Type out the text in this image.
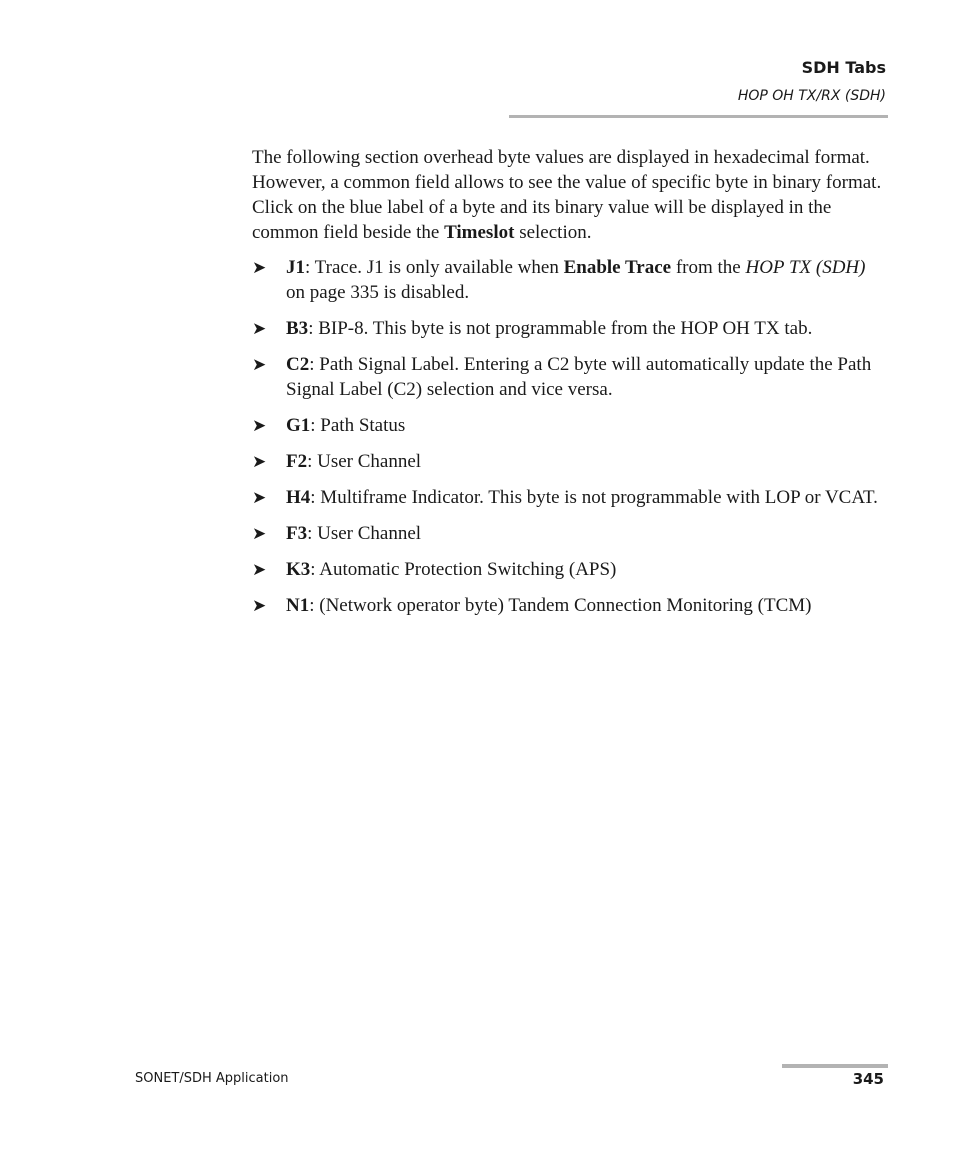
SDH Tabs
HOP OH TX/RX (SDH)

The following section overhead byte values are displayed in hexadecimal format. However, a common field allows to see the value of specific byte in binary format. Click on the blue label of a byte and its binary value will be displayed in the common field beside the Timeslot selection.

➤ J1: Trace. J1 is only available when Enable Trace from the HOP TX (SDH) on page 335 is disabled.
➤ B3: BIP-8. This byte is not programmable from the HOP OH TX tab.
➤ C2: Path Signal Label. Entering a C2 byte will automatically update the Path Signal Label (C2) selection and vice versa.
➤ G1: Path Status
➤ F2: User Channel
➤ H4: Multiframe Indicator. This byte is not programmable with LOP or VCAT.
➤ F3: User Channel
➤ K3: Automatic Protection Switching (APS)
➤ N1: (Network operator byte) Tandem Connection Monitoring (TCM)
SONET/SDH Application	345
